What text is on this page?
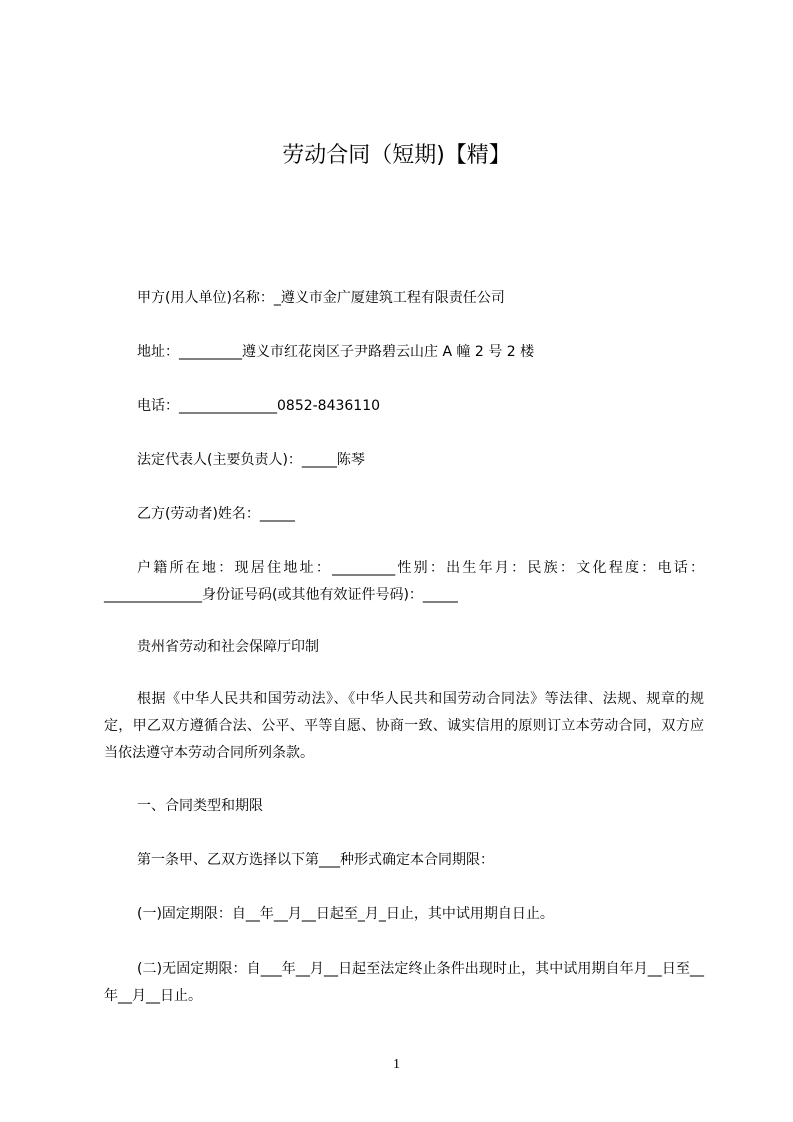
劳动合同（短期)【精】
甲方(用人单位)名称：_遵义市金广厦建筑工程有限责任公司
地址：_________遵义市红花岗区子尹路碧云山庄 A 幢 2 号 2 楼
电话：______________0852-8436110
法定代表人(主要负责人)：_____陈琴
乙方(劳动者)姓名：_____
户籍所在地：现居住地址：_________性别：出生年月：民族：文化程度：电话：______________身份证号码(或其他有效证件号码)：_____
贵州省劳动和社会保障厅印制
根据《中华人民共和国劳动法》、《中华人民共和国劳动合同法》等法律、法规、规章的规定，甲乙双方遵循合法、公平、平等自愿、协商一致、诚实信用的原则订立本劳动合同，双方应当依法遵守本劳动合同所列条款。
一、合同类型和期限
第一条甲、乙双方选择以下第___种形式确定本合同期限：
(一)固定期限：自__年__月__日起至_月_日止，其中试用期自日止。
(二)无固定期限：自___年__月__日起至法定终止条件出现时止，其中试用期自年月__日至__年__月__日止。
1
